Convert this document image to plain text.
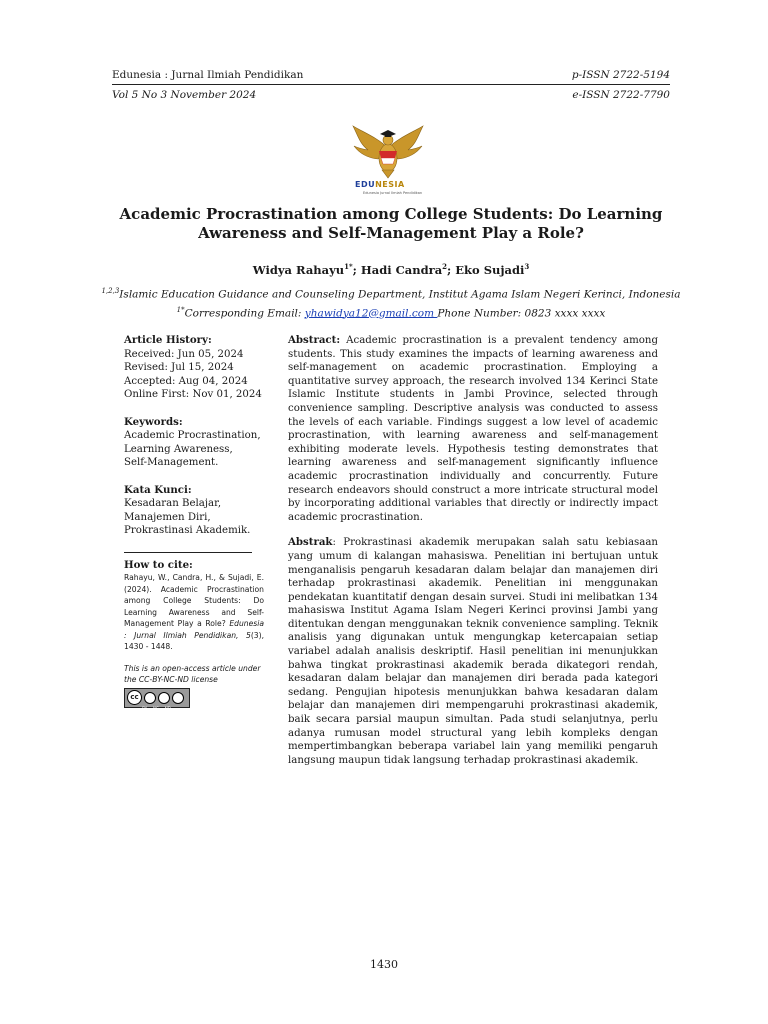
Edunesia : Jurnal Ilmiah Pendidikan	p-ISSN 2722-5194
Vol 5 No 3 November 2024	e-ISSN 2722-7790
EDUNESIA
Edunesia Jurnal Ilmiah Pendidikan
Academic Procrastination among College Students: Do Learning
Awareness and Self-Management Play a Role?
Widya Rahayu$^{1*}$; Hadi Candra$^2$; Eko Sujadi$^3$
$^{1,2,3}$Islamic Education Guidance and Counseling Department, Institut Agama Islam Negeri Kerinci, Indonesia
$^{1*}$Corresponding Email: yhawidya12@gmail.com Phone Number: 0823 xxxx xxxx
Article History:
Received: Jun 05, 2024
Revised: Jul 15, 2024
Accepted: Aug 04, 2024
Online First: Nov 01, 2024
Keywords:
Academic Procrastination,
Learning Awareness,
Self-Management.
Kata Kunci:
Kesadaran Belajar,
Manajemen Diri,
Prokrastinasi Akademik.
How to cite:
Rahayu, W., Candra, H., & Sujadi, E. (2024). Academic Procrastination among College Students: Do Learning Awareness and Self-Management Play a Role? Edunesia : Jurnal Ilmiah Pendidikan, 5(3), 1430 - 1448.
This is an open-access article under the CC-BY-NC-ND license
cc
BY NC ND

Abstract: Academic procrastination is a prevalent tendency among students. This study examines the impacts of learning awareness and self-management on academic procrastination. Employing a quantitative survey approach, the research involved 134 Kerinci State Islamic Institute students in Jambi Province, selected through convenience sampling. Descriptive analysis was conducted to assess the levels of each variable. Findings suggest a low level of academic procrastination, with learning awareness and self-management exhibiting moderate levels. Hypothesis testing demonstrates that learning awareness and self-management significantly influence academic procrastination individually and concurrently. Future research endeavors should construct a more intricate structural model by incorporating additional variables that directly or indirectly impact academic procrastination.

Abstrak: Prokrastinasi akademik merupakan salah satu kebiasaan yang umum di kalangan mahasiswa. Penelitian ini bertujuan untuk menganalisis pengaruh kesadaran dalam belajar dan manajemen diri terhadap prokrastinasi akademik. Penelitian ini menggunakan pendekatan kuantitatif dengan desain survei. Studi ini melibatkan 134 mahasiswa Institut Agama Islam Negeri Kerinci provinsi Jambi yang ditentukan dengan menggunakan teknik convenience sampling. Teknik analisis yang digunakan untuk mengungkap ketercapaian setiap variabel adalah analisis deskriptif. Hasil penelitian ini menunjukkan bahwa tingkat prokrastinasi akademik berada dikategori rendah, kesadaran dalam belajar dan manajemen diri berada pada kategori sedang. Pengujian hipotesis menunjukkan bahwa kesadaran dalam belajar dan manajemen diri mempengaruhi prokrastinasi akademik, baik secara parsial maupun simultan. Pada studi selanjutnya, perlu adanya rumusan model structural yang lebih kompleks dengan mempertimbangkan beberapa variabel lain yang memiliki pengaruh langsung maupun tidak langsung terhadap prokrastinasi akademik.

1430
